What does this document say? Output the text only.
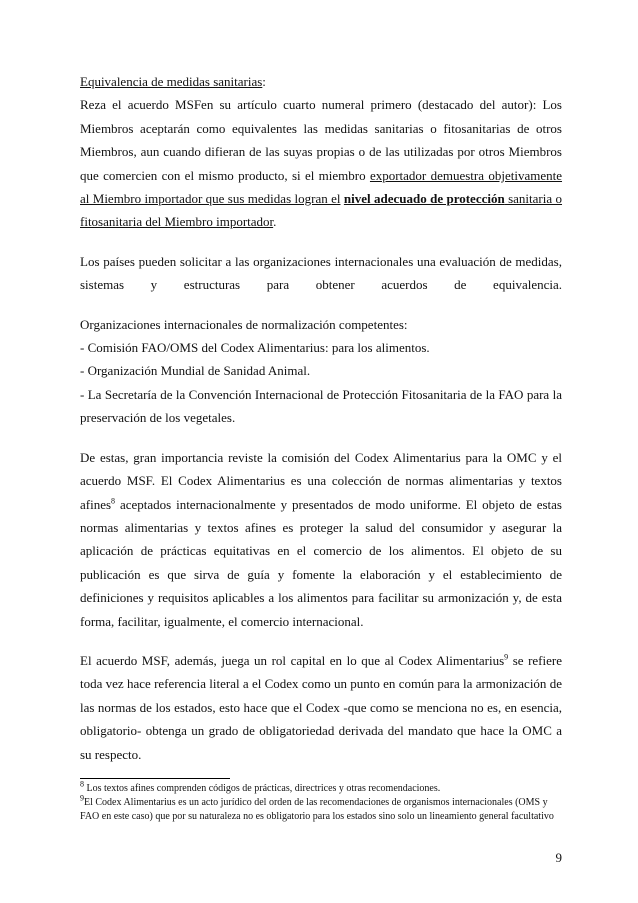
Equivalencia de medidas sanitarias:

Reza el acuerdo MSFen su artículo cuarto numeral primero (destacado del autor): Los Miembros aceptarán como equivalentes las medidas sanitarias o fitosanitarias de otros Miembros, aun cuando difieran de las suyas propias o de las utilizadas por otros Miembros que comercien con el mismo producto, si el miembro exportador demuestra objetivamente al Miembro importador que sus medidas logran el nivel adecuado de protección sanitaria o fitosanitaria del Miembro importador.

Los países pueden solicitar a las organizaciones internacionales una evaluación de medidas,

sistemas y estructuras para obtener acuerdos de equivalencia.

Organizaciones internacionales de normalización competentes:

- Comisión FAO/OMS del Codex Alimentarius: para los alimentos.

- Organización Mundial de Sanidad Animal.

- La Secretaría de la Convención Internacional de Protección Fitosanitaria de la FAO para la preservación de los vegetales.

De estas, gran importancia reviste la comisión del Codex Alimentarius para la OMC y el acuerdo MSF. El Codex Alimentarius es una colección de normas alimentarias y textos afines$^8$ aceptados internacionalmente y presentados de modo uniforme. El objeto de estas normas alimentarias y textos afines es proteger la salud del consumidor y asegurar la aplicación de prácticas equitativas en el comercio de los alimentos. El objeto de su publicación es que sirva de guía y fomente la elaboración y el establecimiento de definiciones y requisitos aplicables a los alimentos para facilitar su armonización y, de esta forma, facilitar, igualmente, el comercio internacional.

El acuerdo MSF, además, juega un rol capital en lo que al Codex Alimentarius$^9$ se refiere toda vez hace referencia literal a el Codex como un punto en común para la armonización de las normas de los estados, esto hace que el Codex -que como se menciona no es, en esencia, obligatorio- obtenga un grado de obligatoriedad derivada del mandato que hace la OMC a su respecto.

$^8$ Los textos afines comprenden códigos de prácticas, directrices y otras recomendaciones.

$^9$El Codex Alimentarius es un acto jurídico del orden de las recomendaciones de organismos internacionales (OMS y FAO en este caso) que por su naturaleza no es obligatorio para los estados sino solo un lineamiento general facultativo

9
